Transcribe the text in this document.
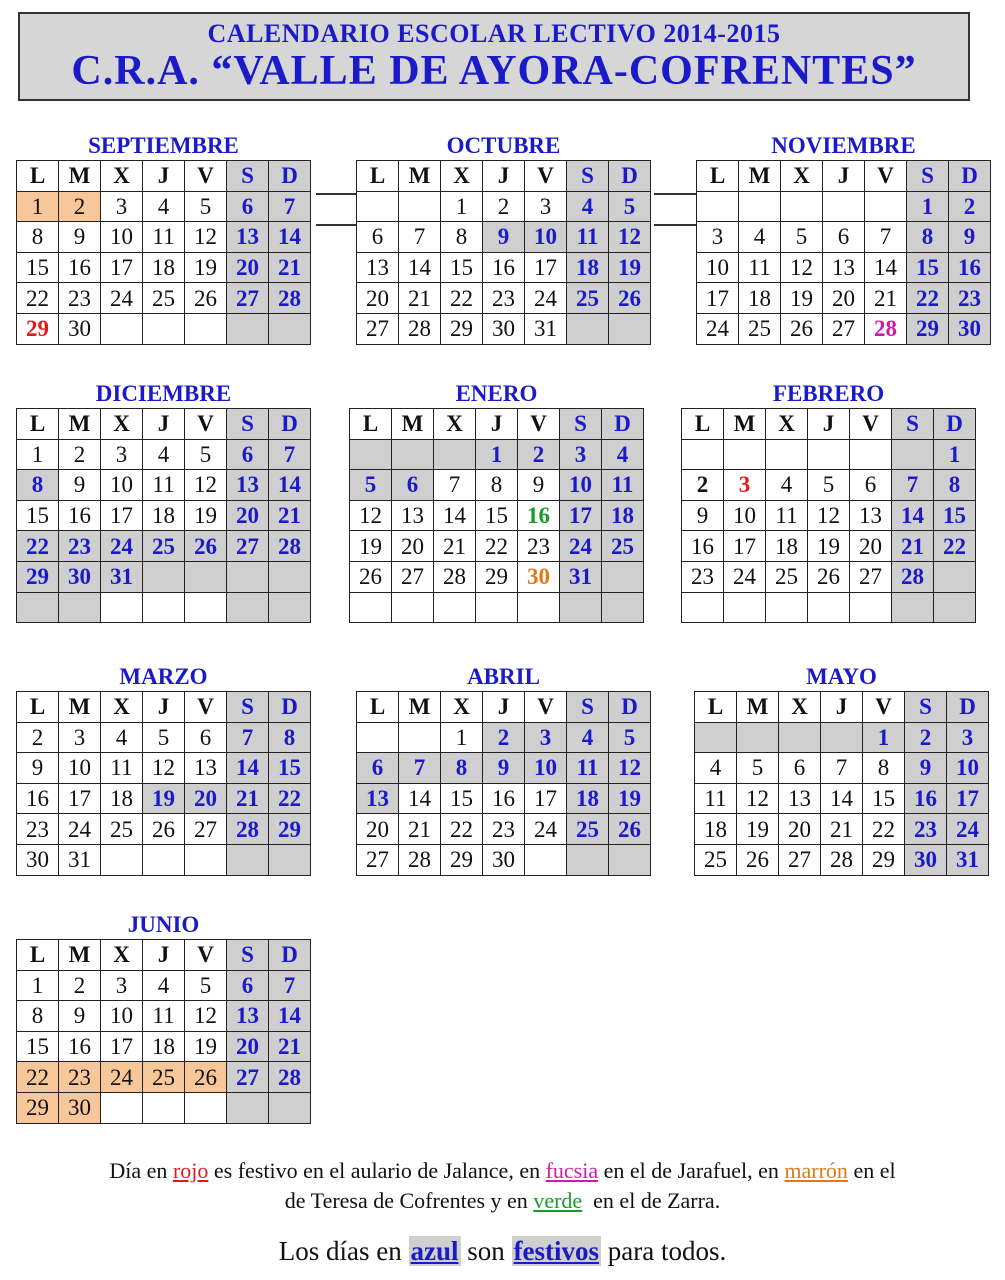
CALENDARIO ESCOLAR LECTIVO 2014-2015
C.R.A. “VALLE DE AYORA-COFRENTES”
SEPTIEMBRE
L	M	X	J	V	S	D
1	2	3	4	5	6	7
8	9	10	11	12	13	14
15	16	17	18	19	20	21
22	23	24	25	26	27	28
29	30					
OCTUBRE
L	M	X	J	V	S	D
		1	2	3	4	5
6	7	8	9	10	11	12
13	14	15	16	17	18	19
20	21	22	23	24	25	26
27	28	29	30	31		
NOVIEMBRE
L	M	X	J	V	S	D
					1	2
3	4	5	6	7	8	9
10	11	12	13	14	15	16
17	18	19	20	21	22	23
24	25	26	27	28	29	30
DICIEMBRE
L	M	X	J	V	S	D
1	2	3	4	5	6	7
8	9	10	11	12	13	14
15	16	17	18	19	20	21
22	23	24	25	26	27	28
29	30	31				

ENERO
L	M	X	J	V	S	D
			1	2	3	4
5	6	7	8	9	10	11
12	13	14	15	16	17	18
19	20	21	22	23	24	25
26	27	28	29	30	31	

FEBRERO
L	M	X	J	V	S	D
						1
2	3	4	5	6	7	8
9	10	11	12	13	14	15
16	17	18	19	20	21	22
23	24	25	26	27	28	

MARZO
L	M	X	J	V	S	D
2	3	4	5	6	7	8
9	10	11	12	13	14	15
16	17	18	19	20	21	22
23	24	25	26	27	28	29
30	31					
ABRIL
L	M	X	J	V	S	D
		1	2	3	4	5
6	7	8	9	10	11	12
13	14	15	16	17	18	19
20	21	22	23	24	25	26
27	28	29	30			
MAYO
L	M	X	J	V	S	D
				1	2	3
4	5	6	7	8	9	10
11	12	13	14	15	16	17
18	19	20	21	22	23	24
25	26	27	28	29	30	31
JUNIO
L	M	X	J	V	S	D
1	2	3	4	5	6	7
8	9	10	11	12	13	14
15	16	17	18	19	20	21
22	23	24	25	26	27	28
29	30					
Día en rojo es festivo en el aulario de Jalance, en fucsia en el de Jarafuel, en marrón en el
de Teresa de Cofrentes y en verde  en el de Zarra.
Los días en azul son festivos para todos.
